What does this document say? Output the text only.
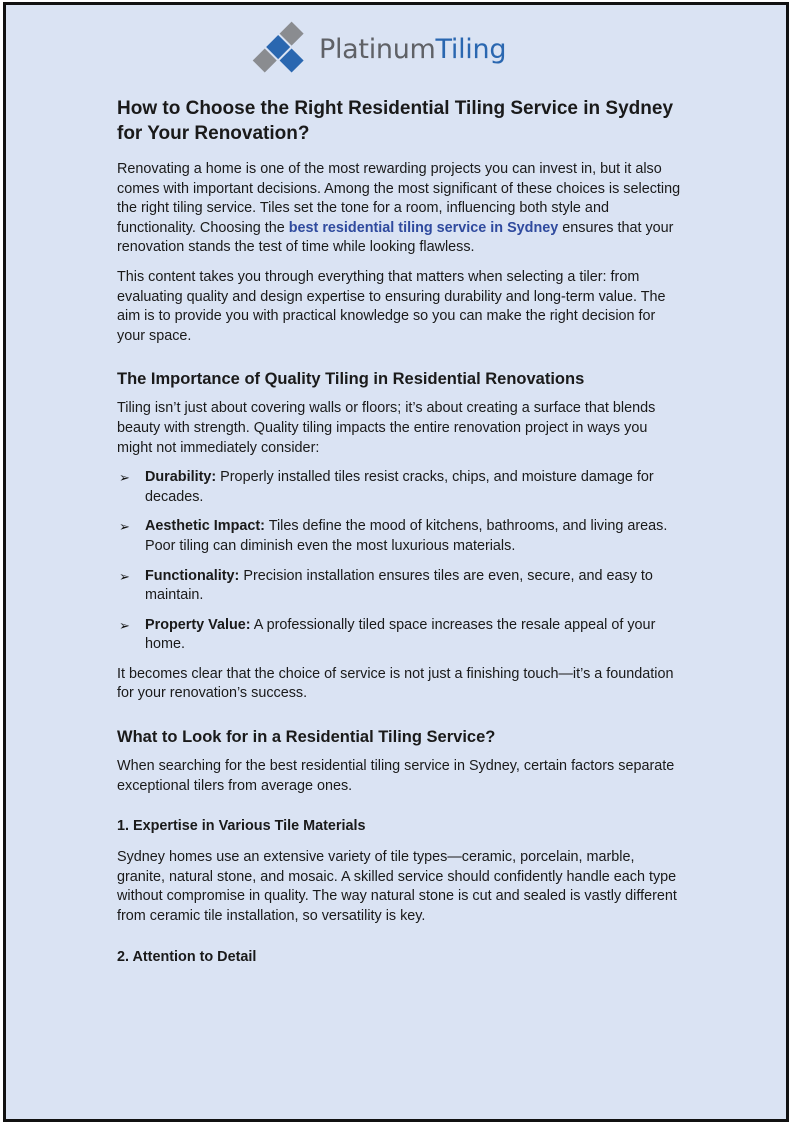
PlatinumTiling
How to Choose the Right Residential Tiling Service in Sydney for Your Renovation?

Renovating a home is one of the most rewarding projects you can invest in, but it also comes with important decisions. Among the most significant of these choices is selecting the right tiling service. Tiles set the tone for a room, influencing both style and functionality. Choosing the best residential tiling service in Sydney ensures that your renovation stands the test of time while looking flawless.

This content takes you through everything that matters when selecting a tiler: from evaluating quality and design expertise to ensuring durability and long-term value. The aim is to provide you with practical knowledge so you can make the right decision for your space.

The Importance of Quality Tiling in Residential Renovations

Tiling isn’t just about covering walls or floors; it’s about creating a surface that blends beauty with strength. Quality tiling impacts the entire renovation project in ways you might not immediately consider:

➢ Durability: Properly installed tiles resist cracks, chips, and moisture damage for decades.
➢ Aesthetic Impact: Tiles define the mood of kitchens, bathrooms, and living areas. Poor tiling can diminish even the most luxurious materials.
➢ Functionality: Precision installation ensures tiles are even, secure, and easy to maintain.
➢ Property Value: A professionally tiled space increases the resale appeal of your home.

It becomes clear that the choice of service is not just a finishing touch—it’s a foundation for your renovation’s success.

What to Look for in a Residential Tiling Service?

When searching for the best residential tiling service in Sydney, certain factors separate exceptional tilers from average ones.

1. Expertise in Various Tile Materials

Sydney homes use an extensive variety of tile types—ceramic, porcelain, marble, granite, natural stone, and mosaic. A skilled service should confidently handle each type without compromise in quality. The way natural stone is cut and sealed is vastly different from ceramic tile installation, so versatility is key.

2. Attention to Detail
